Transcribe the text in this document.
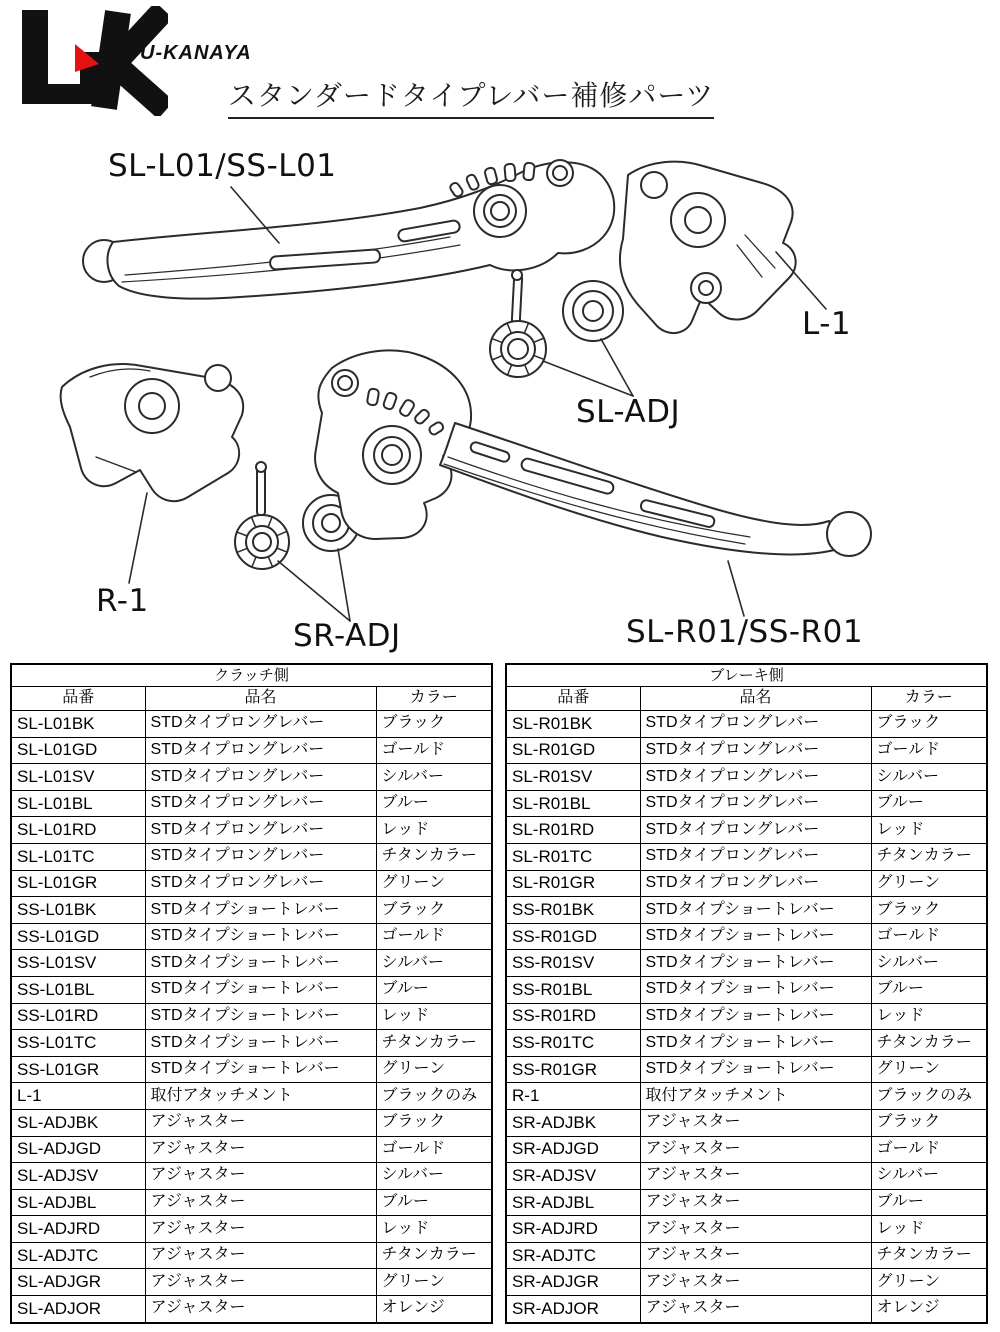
U-KANAYA
スタンダードタイプレバー補修パーツ
SL-L01/SS-L01
L-1
SL-ADJ
R-1
SR-ADJ	SL-R01/SS-R01
クラッチ側		
品番	品名	カラー
SL-L01BK	STDタイプロングレバー	ブラック
SL-L01GD	STDタイプロングレバー	ゴールド
SL-L01SV	STDタイプロングレバー	シルバー
SL-L01BL	STDタイプロングレバー	ブルー
SL-L01RD	STDタイプロングレバー	レッド
SL-L01TC	STDタイプロングレバー	チタンカラー
SL-L01GR	STDタイプロングレバー	グリーン
SS-L01BK	STDタイプショートレバー	ブラック
SS-L01GD	STDタイプショートレバー	ゴールド
SS-L01SV	STDタイプショートレバー	シルバー
SS-L01BL	STDタイプショートレバー	ブルー
SS-L01RD	STDタイプショートレバー	レッド
SS-L01TC	STDタイプショートレバー	チタンカラー
SS-L01GR	STDタイプショートレバー	グリーン
L-1	取付アタッチメント	ブラックのみ
SL-ADJBK	アジャスター	ブラック
SL-ADJGD	アジャスター	ゴールド
SL-ADJSV	アジャスター	シルバー
SL-ADJBL	アジャスター	ブルー
SL-ADJRD	アジャスター	レッド
SL-ADJTC	アジャスター	チタンカラー
SL-ADJGR	アジャスター	グリーン
SL-ADJOR	アジャスター	オレンジ
ブレーキ側		
品番	品名	カラー
SL-R01BK	STDタイプロングレバー	ブラック
SL-R01GD	STDタイプロングレバー	ゴールド
SL-R01SV	STDタイプロングレバー	シルバー
SL-R01BL	STDタイプロングレバー	ブルー
SL-R01RD	STDタイプロングレバー	レッド
SL-R01TC	STDタイプロングレバー	チタンカラー
SL-R01GR	STDタイプロングレバー	グリーン
SS-R01BK	STDタイプショートレバー	ブラック
SS-R01GD	STDタイプショートレバー	ゴールド
SS-R01SV	STDタイプショートレバー	シルバー
SS-R01BL	STDタイプショートレバー	ブルー
SS-R01RD	STDタイプショートレバー	レッド
SS-R01TC	STDタイプショートレバー	チタンカラー
SS-R01GR	STDタイプショートレバー	グリーン
R-1	取付アタッチメント	ブラックのみ
SR-ADJBK	アジャスター	ブラック
SR-ADJGD	アジャスター	ゴールド
SR-ADJSV	アジャスター	シルバー
SR-ADJBL	アジャスター	ブルー
SR-ADJRD	アジャスター	レッド
SR-ADJTC	アジャスター	チタンカラー
SR-ADJGR	アジャスター	グリーン
SR-ADJOR	アジャスター	オレンジ
